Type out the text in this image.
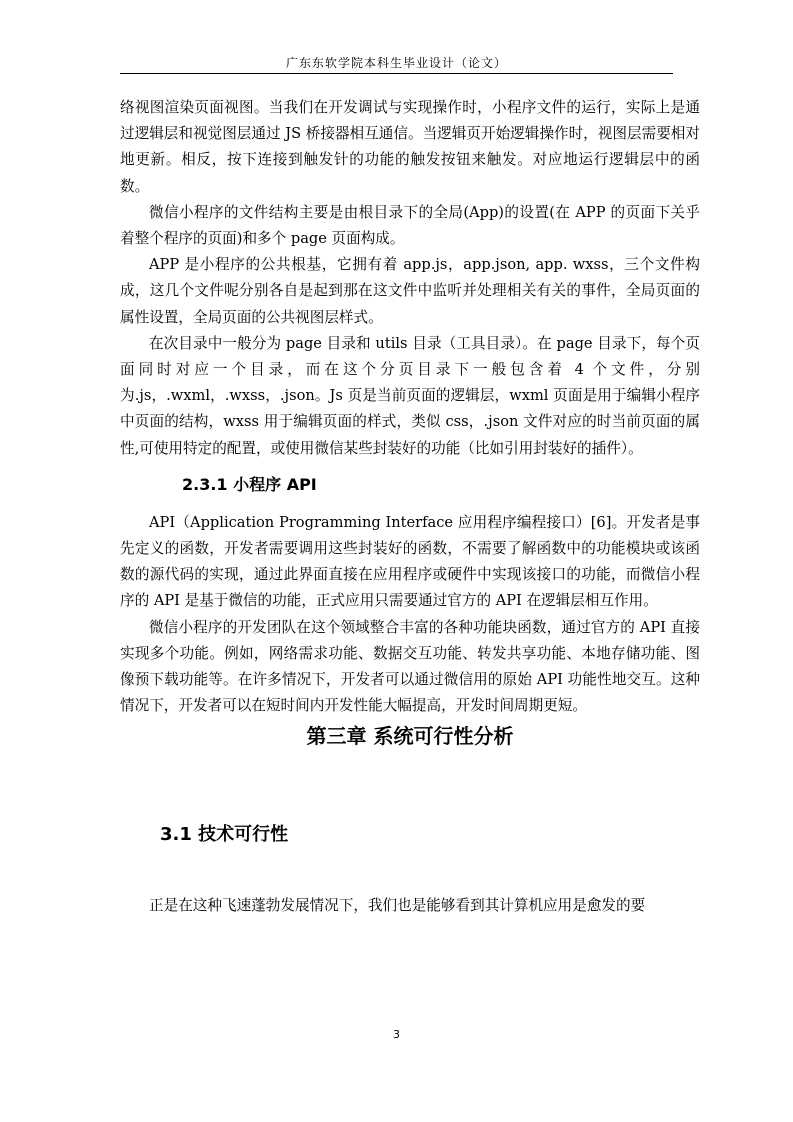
广东东软学院本科生毕业设计（论文）

络视图渲染页面视图。当我们在开发调试与实现操作时，小程序文件的运行，实际上是通过逻辑层和视觉图层通过 JS 桥接器相互通信。当逻辑页开始逻辑操作时，视图层需要相对地更新。相反，按下连接到触发针的功能的触发按钮来触发。对应地运行逻辑层中的函数。

微信小程序的文件结构主要是由根目录下的全局(App)的设置(在 APP 的页面下关乎着整个程序的页面)和多个 page 页面构成。

APP 是小程序的公共根基，它拥有着 app.js，app.json, app. wxss，三个文件构成，这几个文件呢分别各自是起到那在这文件中监听并处理相关有关的事件，全局页面的属性设置，全局页面的公共视图层样式。

在次目录中一般分为 page 目录和 utils 目录（工具目录）。在 page 目录下，每个页面同时对应一个目录，而在这个分页目录下一般包含着 4 个文件，分别为.js，.wxml，.wxss，.json。Js 页是当前页面的逻辑层，wxml 页面是用于编辑小程序中页面的结构，wxss 用于编辑页面的样式，类似 css，.json 文件对应的时当前页面的属性,可使用特定的配置，或使用微信某些封装好的功能（比如引用封装好的插件）。

2.3.1 小程序 API

API（Application Programming Interface 应用程序编程接口）[6]。开发者是事先定义的函数，开发者需要调用这些封装好的函数，不需要了解函数中的功能模块或该函数的源代码的实现，通过此界面直接在应用程序或硬件中实现该接口的功能，而微信小程序的 API 是基于微信的功能，正式应用只需要通过官方的 API 在逻辑层相互作用。

微信小程序的开发团队在这个领域整合丰富的各种功能块函数，通过官方的 API 直接实现多个功能。例如，网络需求功能、数据交互功能、转发共享功能、本地存储功能、图像预下载功能等。在许多情况下，开发者可以通过微信用的原始 API 功能性地交互。这种情况下，开发者可以在短时间内开发性能大幅提高，开发时间周期更短。

第三章 系统可行性分析
3.1 技术可行性

正是在这种飞速蓬勃发展情况下，我们也是能够看到其计算机应用是愈发的要

3
